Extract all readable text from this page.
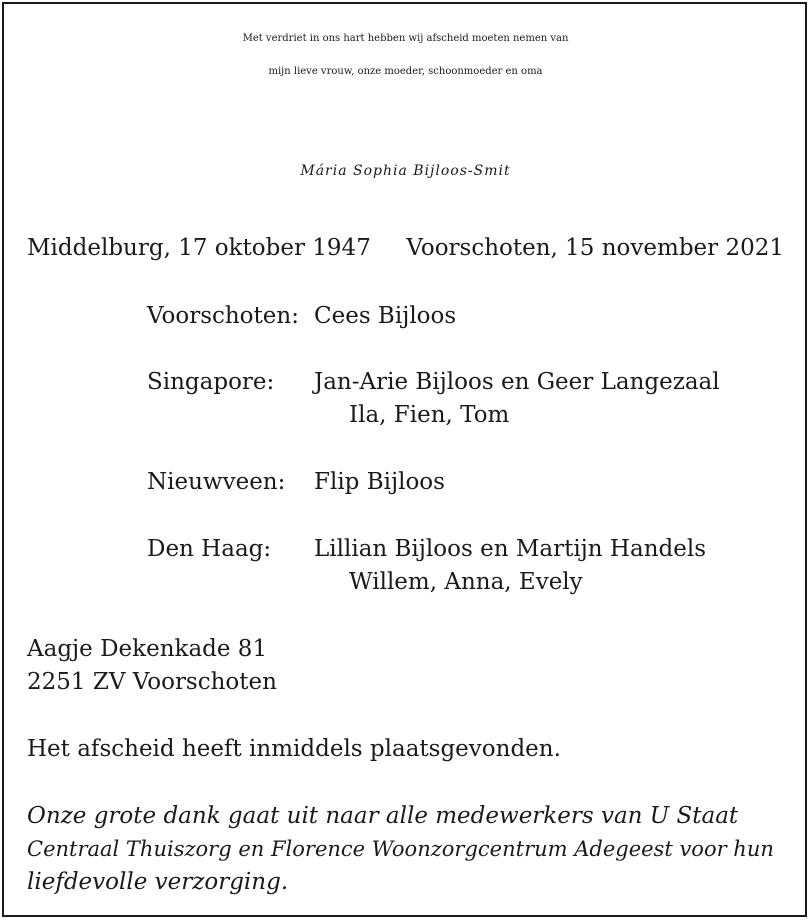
Met verdriet in ons hart hebben wij afscheid moeten nemen van
mijn lieve vrouw, onze moeder, schoonmoeder en oma
Mária Sophia Bijloos-Smit
Middelburg, 17 oktober 1947 Voorschoten, 15 november 2021
Voorschoten: Cees Bijloos
Singapore: Jan-Arie Bijloos en Geer Langezaal
Ila, Fien, Tom
Nieuwveen: Flip Bijloos
Den Haag: Lillian Bijloos en Martijn Handels
Willem, Anna, Evely
Aagje Dekenkade 81
2251 ZV Voorschoten
Het afscheid heeft inmiddels plaatsgevonden.
Onze grote dank gaat uit naar alle medewerkers van U Staat
Centraal Thuiszorg en Florence Woonzorgcentrum Adegeest voor hun
liefdevolle verzorging.
